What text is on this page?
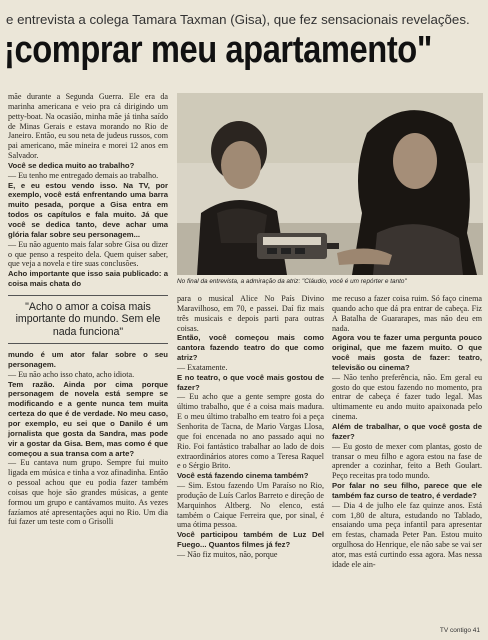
e entrevista a colega Tamara Taxman (Gisa), que fez sensacionais revelações.
¡comprar meu apartamento"

mãe durante a Segunda Guerra. Ele era da marinha americana e veio pra cá dirigindo um petty-boat. Na ocasião, minha mãe já tinha saído de Minas Gerais e estava morando no Rio de Janeiro. Então, eu sou neta de judeus russos, com pai americano, mãe mineira e morei 12 anos em Salvador.

Você se dedica muito ao trabalho?

— Eu tenho me entregado demais ao trabalho.

E, e eu estou vendo isso. Na TV, por exemplo, você está enfrentando uma barra muito pesada, porque a Gisa entra em todos os capítulos e fala muito. Já que você se dedica tanto, deve achar uma glória falar sobre seu personagem...

— Eu não aguento mais falar sobre Gisa ou dizer o que penso a respeito dela. Quem quiser saber, que veja a novela e tire suas conclusões.

Acho importante que isso saia publicado: a coisa mais chata do

"Acho o amor a coisa mais importante do mundo. Sem ele nada funciona"

mundo é um ator falar sobre o seu personagem.

— Eu não acho isso chato, acho idiota.

Tem razão. Ainda por cima porque personagem de novela está sempre se modificando e a gente nunca tem muita certeza do que é de verdade. No meu caso, por exemplo, eu sei que o Danilo é um jornalista que gosta da Sandra, mas pode vir a gostar da Gisa. Bem, mas como é que começou a sua transa com a arte?

— Eu cantava num grupo. Sempre fui muito ligada em música e tinha a voz afinadinha. Então o pessoal achou que eu podia fazer também coisas que hoje são grandes músicas, a gente formou um grupo e cantávamos muito. As vezes fazíamos até apresentações aqui no Rio. Um dia fui fazer um teste com o Grisolli

No final da entrevista, a admiração da atriz: "Cláudio, você é um repórter e tanto"

para o musical Alice No País Divino Maravilhoso, em 70, e passei. Daí fiz mais três musicais e depois parti para outras coisas.

Então, você começou mais como cantora fazendo teatro do que como atriz?

— Exatamente.

E no teatro, o que você mais gostou de fazer?

— Eu acho que a gente sempre gosta do último trabalho, que é a coisa mais madura. E o meu último trabalho em teatro foi a peça Senhorita de Tacna, de Mario Vargas Llosa, que foi encenada no ano passado aqui no Rio. Foi fantástico trabalhar ao lado de dois extraordinários atores como a Teresa Raquel e o Sérgio Brito.

Você está fazendo cinema também?

— Sim. Estou fazendo Um Paraíso no Rio, produção de Luís Carlos Barreto e direção de Marquinhos Altberg. No elenco, está também o Caique Ferreira que, por sinal, é uma ótima pessoa.

Você participou também de Luz Del Fuego... Quantos filmes já fez?

— Não fiz muitos, não, porque

me recuso a fazer coisa ruim. Só faço cinema quando acho que dá pra entrar de cabeça. Fiz A Batalha de Guararapes, mas não deu em nada.

Agora vou te fazer uma pergunta pouco original, que me fazem muito. O que você mais gosta de fazer: teatro, televisão ou cinema?

— Não tenho preferência, não. Em geral eu gosto do que estou fazendo no momento, pra entrar de cabeça é fazer tudo legal. Mas ultimamente eu ando muito apaixonada pelo cinema.

Além de trabalhar, o que você gosta de fazer?

— Eu gosto de mexer com plantas, gosto de transar o meu filho e agora estou na fase de aprender a cozinhar, feito a Beth Goulart. Peço receitas pra todo mundo.

Por falar no seu filho, parece que ele também faz curso de teatro, é verdade?

— Dia 4 de julho ele faz quinze anos. Está com 1,80 de altura, estudando no Tablado, ensaiando uma peça infantil para apresentar em festas, chamada Peter Pan. Estou muito orgulhosa do Henrique, ele não sabe se vai ser ator, mas está curtindo essa agora. Mas nessa idade ele ain-

TV contigo 41
